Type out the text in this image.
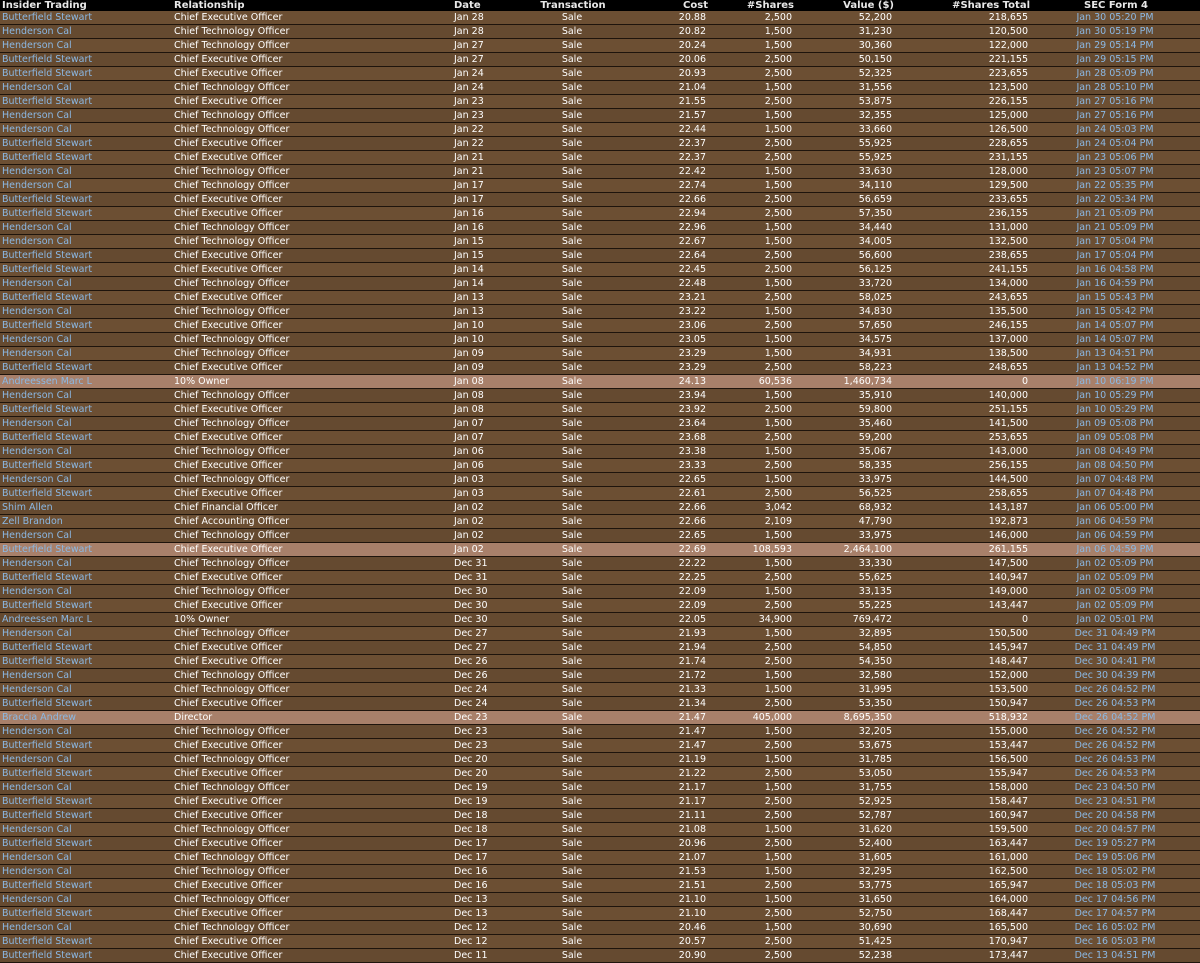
Insider Trading	Relationship	Date	Transaction	Cost	#Shares	Value ($)	#Shares Total	SEC Form 4
Butterfield Stewart	Chief Executive Officer	Jan 28	Sale	20.88	2,500	52,200	218,655	Jan 30 05:20 PM
Henderson Cal	Chief Technology Officer	Jan 28	Sale	20.82	1,500	31,230	120,500	Jan 30 05:19 PM
Henderson Cal	Chief Technology Officer	Jan 27	Sale	20.24	1,500	30,360	122,000	Jan 29 05:14 PM
Butterfield Stewart	Chief Executive Officer	Jan 27	Sale	20.06	2,500	50,150	221,155	Jan 29 05:15 PM
Butterfield Stewart	Chief Executive Officer	Jan 24	Sale	20.93	2,500	52,325	223,655	Jan 28 05:09 PM
Henderson Cal	Chief Technology Officer	Jan 24	Sale	21.04	1,500	31,556	123,500	Jan 28 05:10 PM
Butterfield Stewart	Chief Executive Officer	Jan 23	Sale	21.55	2,500	53,875	226,155	Jan 27 05:16 PM
Henderson Cal	Chief Technology Officer	Jan 23	Sale	21.57	1,500	32,355	125,000	Jan 27 05:16 PM
Henderson Cal	Chief Technology Officer	Jan 22	Sale	22.44	1,500	33,660	126,500	Jan 24 05:03 PM
Butterfield Stewart	Chief Executive Officer	Jan 22	Sale	22.37	2,500	55,925	228,655	Jan 24 05:04 PM
Butterfield Stewart	Chief Executive Officer	Jan 21	Sale	22.37	2,500	55,925	231,155	Jan 23 05:06 PM
Henderson Cal	Chief Technology Officer	Jan 21	Sale	22.42	1,500	33,630	128,000	Jan 23 05:07 PM
Henderson Cal	Chief Technology Officer	Jan 17	Sale	22.74	1,500	34,110	129,500	Jan 22 05:35 PM
Butterfield Stewart	Chief Executive Officer	Jan 17	Sale	22.66	2,500	56,659	233,655	Jan 22 05:34 PM
Butterfield Stewart	Chief Executive Officer	Jan 16	Sale	22.94	2,500	57,350	236,155	Jan 21 05:09 PM
Henderson Cal	Chief Technology Officer	Jan 16	Sale	22.96	1,500	34,440	131,000	Jan 21 05:09 PM
Henderson Cal	Chief Technology Officer	Jan 15	Sale	22.67	1,500	34,005	132,500	Jan 17 05:04 PM
Butterfield Stewart	Chief Executive Officer	Jan 15	Sale	22.64	2,500	56,600	238,655	Jan 17 05:04 PM
Butterfield Stewart	Chief Executive Officer	Jan 14	Sale	22.45	2,500	56,125	241,155	Jan 16 04:58 PM
Henderson Cal	Chief Technology Officer	Jan 14	Sale	22.48	1,500	33,720	134,000	Jan 16 04:59 PM
Butterfield Stewart	Chief Executive Officer	Jan 13	Sale	23.21	2,500	58,025	243,655	Jan 15 05:43 PM
Henderson Cal	Chief Technology Officer	Jan 13	Sale	23.22	1,500	34,830	135,500	Jan 15 05:42 PM
Butterfield Stewart	Chief Executive Officer	Jan 10	Sale	23.06	2,500	57,650	246,155	Jan 14 05:07 PM
Henderson Cal	Chief Technology Officer	Jan 10	Sale	23.05	1,500	34,575	137,000	Jan 14 05:07 PM
Henderson Cal	Chief Technology Officer	Jan 09	Sale	23.29	1,500	34,931	138,500	Jan 13 04:51 PM
Butterfield Stewart	Chief Executive Officer	Jan 09	Sale	23.29	2,500	58,223	248,655	Jan 13 04:52 PM
Andreessen Marc L	10% Owner	Jan 08	Sale	24.13	60,536	1,460,734	0	Jan 10 06:19 PM
Henderson Cal	Chief Technology Officer	Jan 08	Sale	23.94	1,500	35,910	140,000	Jan 10 05:29 PM
Butterfield Stewart	Chief Executive Officer	Jan 08	Sale	23.92	2,500	59,800	251,155	Jan 10 05:29 PM
Henderson Cal	Chief Technology Officer	Jan 07	Sale	23.64	1,500	35,460	141,500	Jan 09 05:08 PM
Butterfield Stewart	Chief Executive Officer	Jan 07	Sale	23.68	2,500	59,200	253,655	Jan 09 05:08 PM
Henderson Cal	Chief Technology Officer	Jan 06	Sale	23.38	1,500	35,067	143,000	Jan 08 04:49 PM
Butterfield Stewart	Chief Executive Officer	Jan 06	Sale	23.33	2,500	58,335	256,155	Jan 08 04:50 PM
Henderson Cal	Chief Technology Officer	Jan 03	Sale	22.65	1,500	33,975	144,500	Jan 07 04:48 PM
Butterfield Stewart	Chief Executive Officer	Jan 03	Sale	22.61	2,500	56,525	258,655	Jan 07 04:48 PM
Shim Allen	Chief Financial Officer	Jan 02	Sale	22.66	3,042	68,932	143,187	Jan 06 05:00 PM
Zell Brandon	Chief Accounting Officer	Jan 02	Sale	22.66	2,109	47,790	192,873	Jan 06 04:59 PM
Henderson Cal	Chief Technology Officer	Jan 02	Sale	22.65	1,500	33,975	146,000	Jan 06 04:59 PM
Butterfield Stewart	Chief Executive Officer	Jan 02	Sale	22.69	108,593	2,464,100	261,155	Jan 06 04:59 PM
Henderson Cal	Chief Technology Officer	Dec 31	Sale	22.22	1,500	33,330	147,500	Jan 02 05:09 PM
Butterfield Stewart	Chief Executive Officer	Dec 31	Sale	22.25	2,500	55,625	140,947	Jan 02 05:09 PM
Henderson Cal	Chief Technology Officer	Dec 30	Sale	22.09	1,500	33,135	149,000	Jan 02 05:09 PM
Butterfield Stewart	Chief Executive Officer	Dec 30	Sale	22.09	2,500	55,225	143,447	Jan 02 05:09 PM
Andreessen Marc L	10% Owner	Dec 30	Sale	22.05	34,900	769,472	0	Jan 02 05:01 PM
Henderson Cal	Chief Technology Officer	Dec 27	Sale	21.93	1,500	32,895	150,500	Dec 31 04:49 PM
Butterfield Stewart	Chief Executive Officer	Dec 27	Sale	21.94	2,500	54,850	145,947	Dec 31 04:49 PM
Butterfield Stewart	Chief Executive Officer	Dec 26	Sale	21.74	2,500	54,350	148,447	Dec 30 04:41 PM
Henderson Cal	Chief Technology Officer	Dec 26	Sale	21.72	1,500	32,580	152,000	Dec 30 04:39 PM
Henderson Cal	Chief Technology Officer	Dec 24	Sale	21.33	1,500	31,995	153,500	Dec 26 04:52 PM
Butterfield Stewart	Chief Executive Officer	Dec 24	Sale	21.34	2,500	53,350	150,947	Dec 26 04:53 PM
Braccia Andrew	Director	Dec 23	Sale	21.47	405,000	8,695,350	518,932	Dec 26 04:52 PM
Henderson Cal	Chief Technology Officer	Dec 23	Sale	21.47	1,500	32,205	155,000	Dec 26 04:52 PM
Butterfield Stewart	Chief Executive Officer	Dec 23	Sale	21.47	2,500	53,675	153,447	Dec 26 04:52 PM
Henderson Cal	Chief Technology Officer	Dec 20	Sale	21.19	1,500	31,785	156,500	Dec 26 04:53 PM
Butterfield Stewart	Chief Executive Officer	Dec 20	Sale	21.22	2,500	53,050	155,947	Dec 26 04:53 PM
Henderson Cal	Chief Technology Officer	Dec 19	Sale	21.17	1,500	31,755	158,000	Dec 23 04:50 PM
Butterfield Stewart	Chief Executive Officer	Dec 19	Sale	21.17	2,500	52,925	158,447	Dec 23 04:51 PM
Butterfield Stewart	Chief Executive Officer	Dec 18	Sale	21.11	2,500	52,787	160,947	Dec 20 04:58 PM
Henderson Cal	Chief Technology Officer	Dec 18	Sale	21.08	1,500	31,620	159,500	Dec 20 04:57 PM
Butterfield Stewart	Chief Executive Officer	Dec 17	Sale	20.96	2,500	52,400	163,447	Dec 19 05:27 PM
Henderson Cal	Chief Technology Officer	Dec 17	Sale	21.07	1,500	31,605	161,000	Dec 19 05:06 PM
Henderson Cal	Chief Technology Officer	Dec 16	Sale	21.53	1,500	32,295	162,500	Dec 18 05:02 PM
Butterfield Stewart	Chief Executive Officer	Dec 16	Sale	21.51	2,500	53,775	165,947	Dec 18 05:03 PM
Henderson Cal	Chief Technology Officer	Dec 13	Sale	21.10	1,500	31,650	164,000	Dec 17 04:56 PM
Butterfield Stewart	Chief Executive Officer	Dec 13	Sale	21.10	2,500	52,750	168,447	Dec 17 04:57 PM
Henderson Cal	Chief Technology Officer	Dec 12	Sale	20.46	1,500	30,690	165,500	Dec 16 05:02 PM
Butterfield Stewart	Chief Executive Officer	Dec 12	Sale	20.57	2,500	51,425	170,947	Dec 16 05:03 PM
Butterfield Stewart	Chief Executive Officer	Dec 11	Sale	20.90	2,500	52,238	173,447	Dec 13 04:51 PM
